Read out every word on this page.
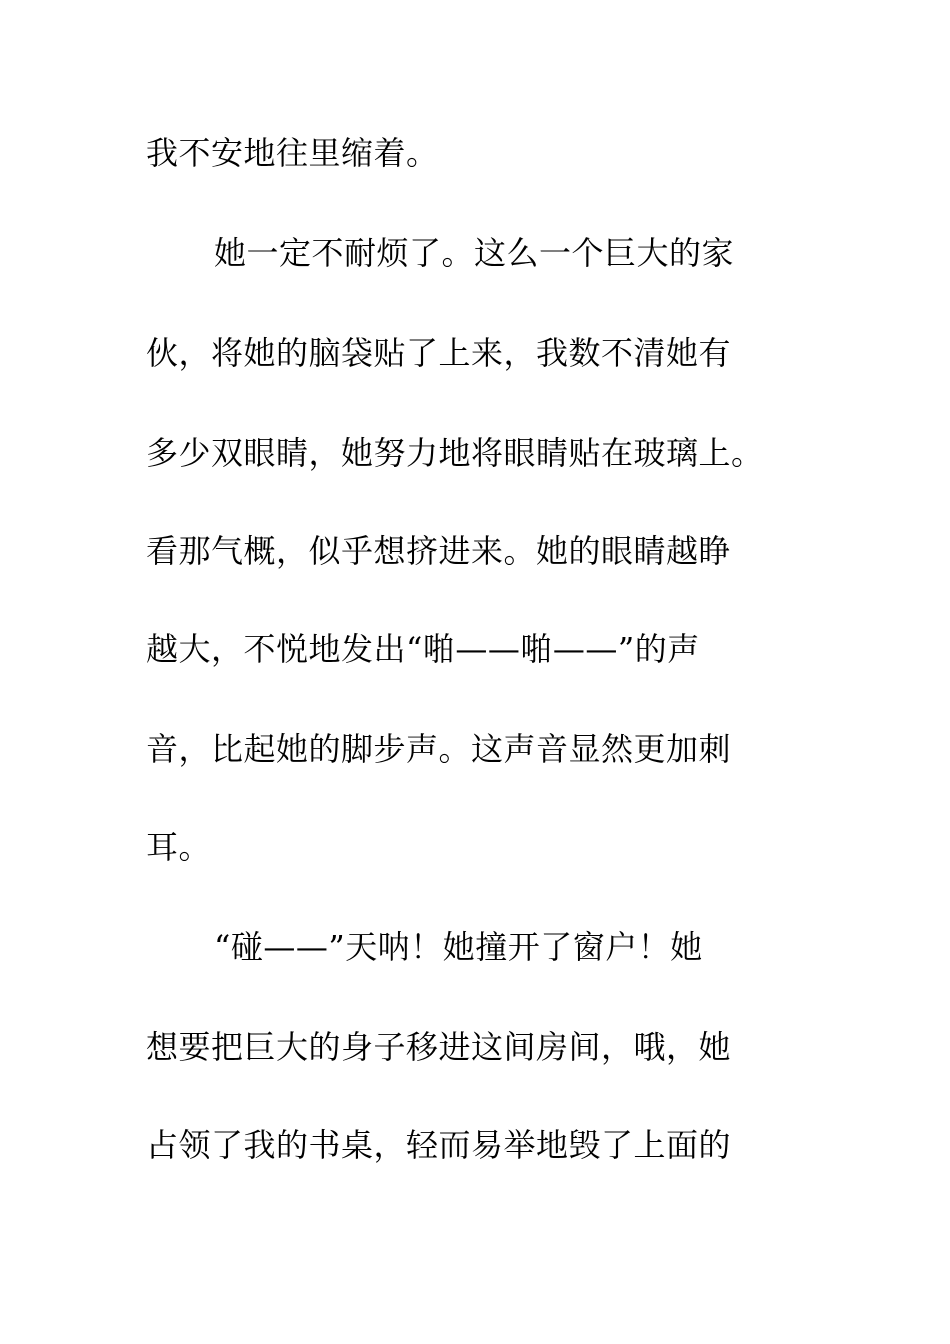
我不安地往里缩着。
她一定不耐烦了。这么一个巨大的家
伙，将她的脑袋贴了上来，我数不清她有
多少双眼睛，她努力地将眼睛贴在玻璃上。
看那气概，似乎想挤进来。她的眼睛越睁
越大，不悦地发出“啪——啪——”的声
音，比起她的脚步声。这声音显然更加刺
耳。
“碰——”天呐！她撞开了窗户！她
想要把巨大的身子移进这间房间，哦，她
占领了我的书桌，轻而易举地毁了上面的
